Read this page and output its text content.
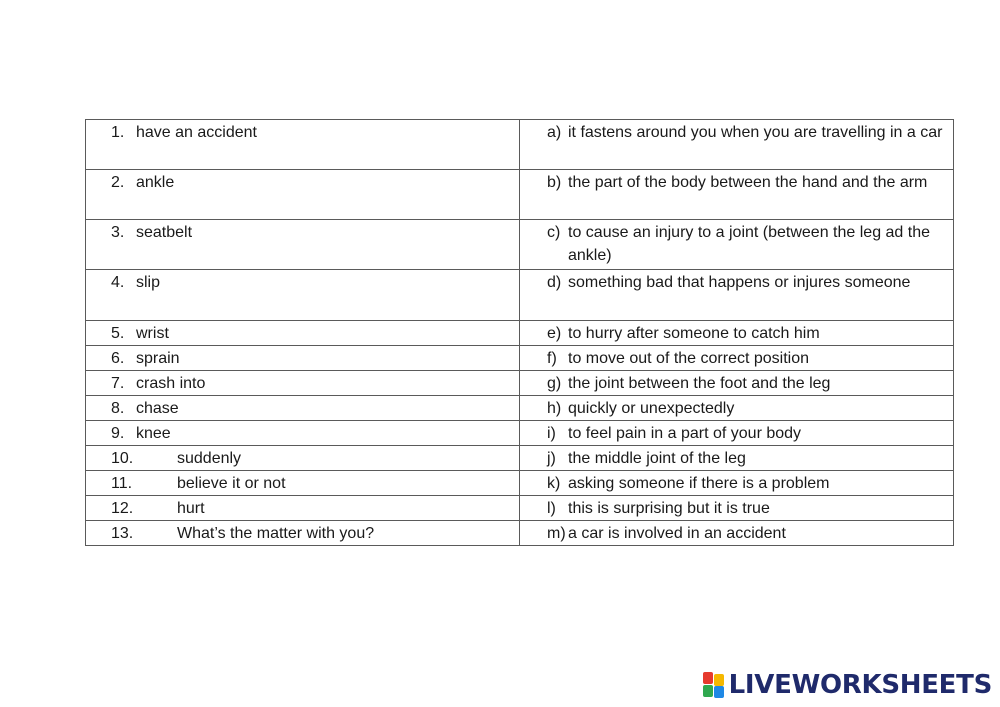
1. have an accident	a) it fastens around you when you are travelling in a car

2. ankle	b) the part of the body between the hand and the arm

3. seatbelt	c) to cause an injury to a joint (between the leg ad the ankle)

4. slip	d) something bad that happens or injures someone

5. wrist	e) to hurry after someone to catch him

6. sprain	f) to move out of the correct position

7. crash into	g) the joint between the foot and the leg

8. chase	h) quickly or unexpectedly

9. knee	i) to feel pain in a part of your body

10. suddenly	j) the middle joint of the leg

11. believe it or not	k) asking someone if there is a problem

12. hurt	l) this is surprising but it is true

13. What’s the matter with you?	m) a car is involved in an accident
LIVEWORKSHEETS
